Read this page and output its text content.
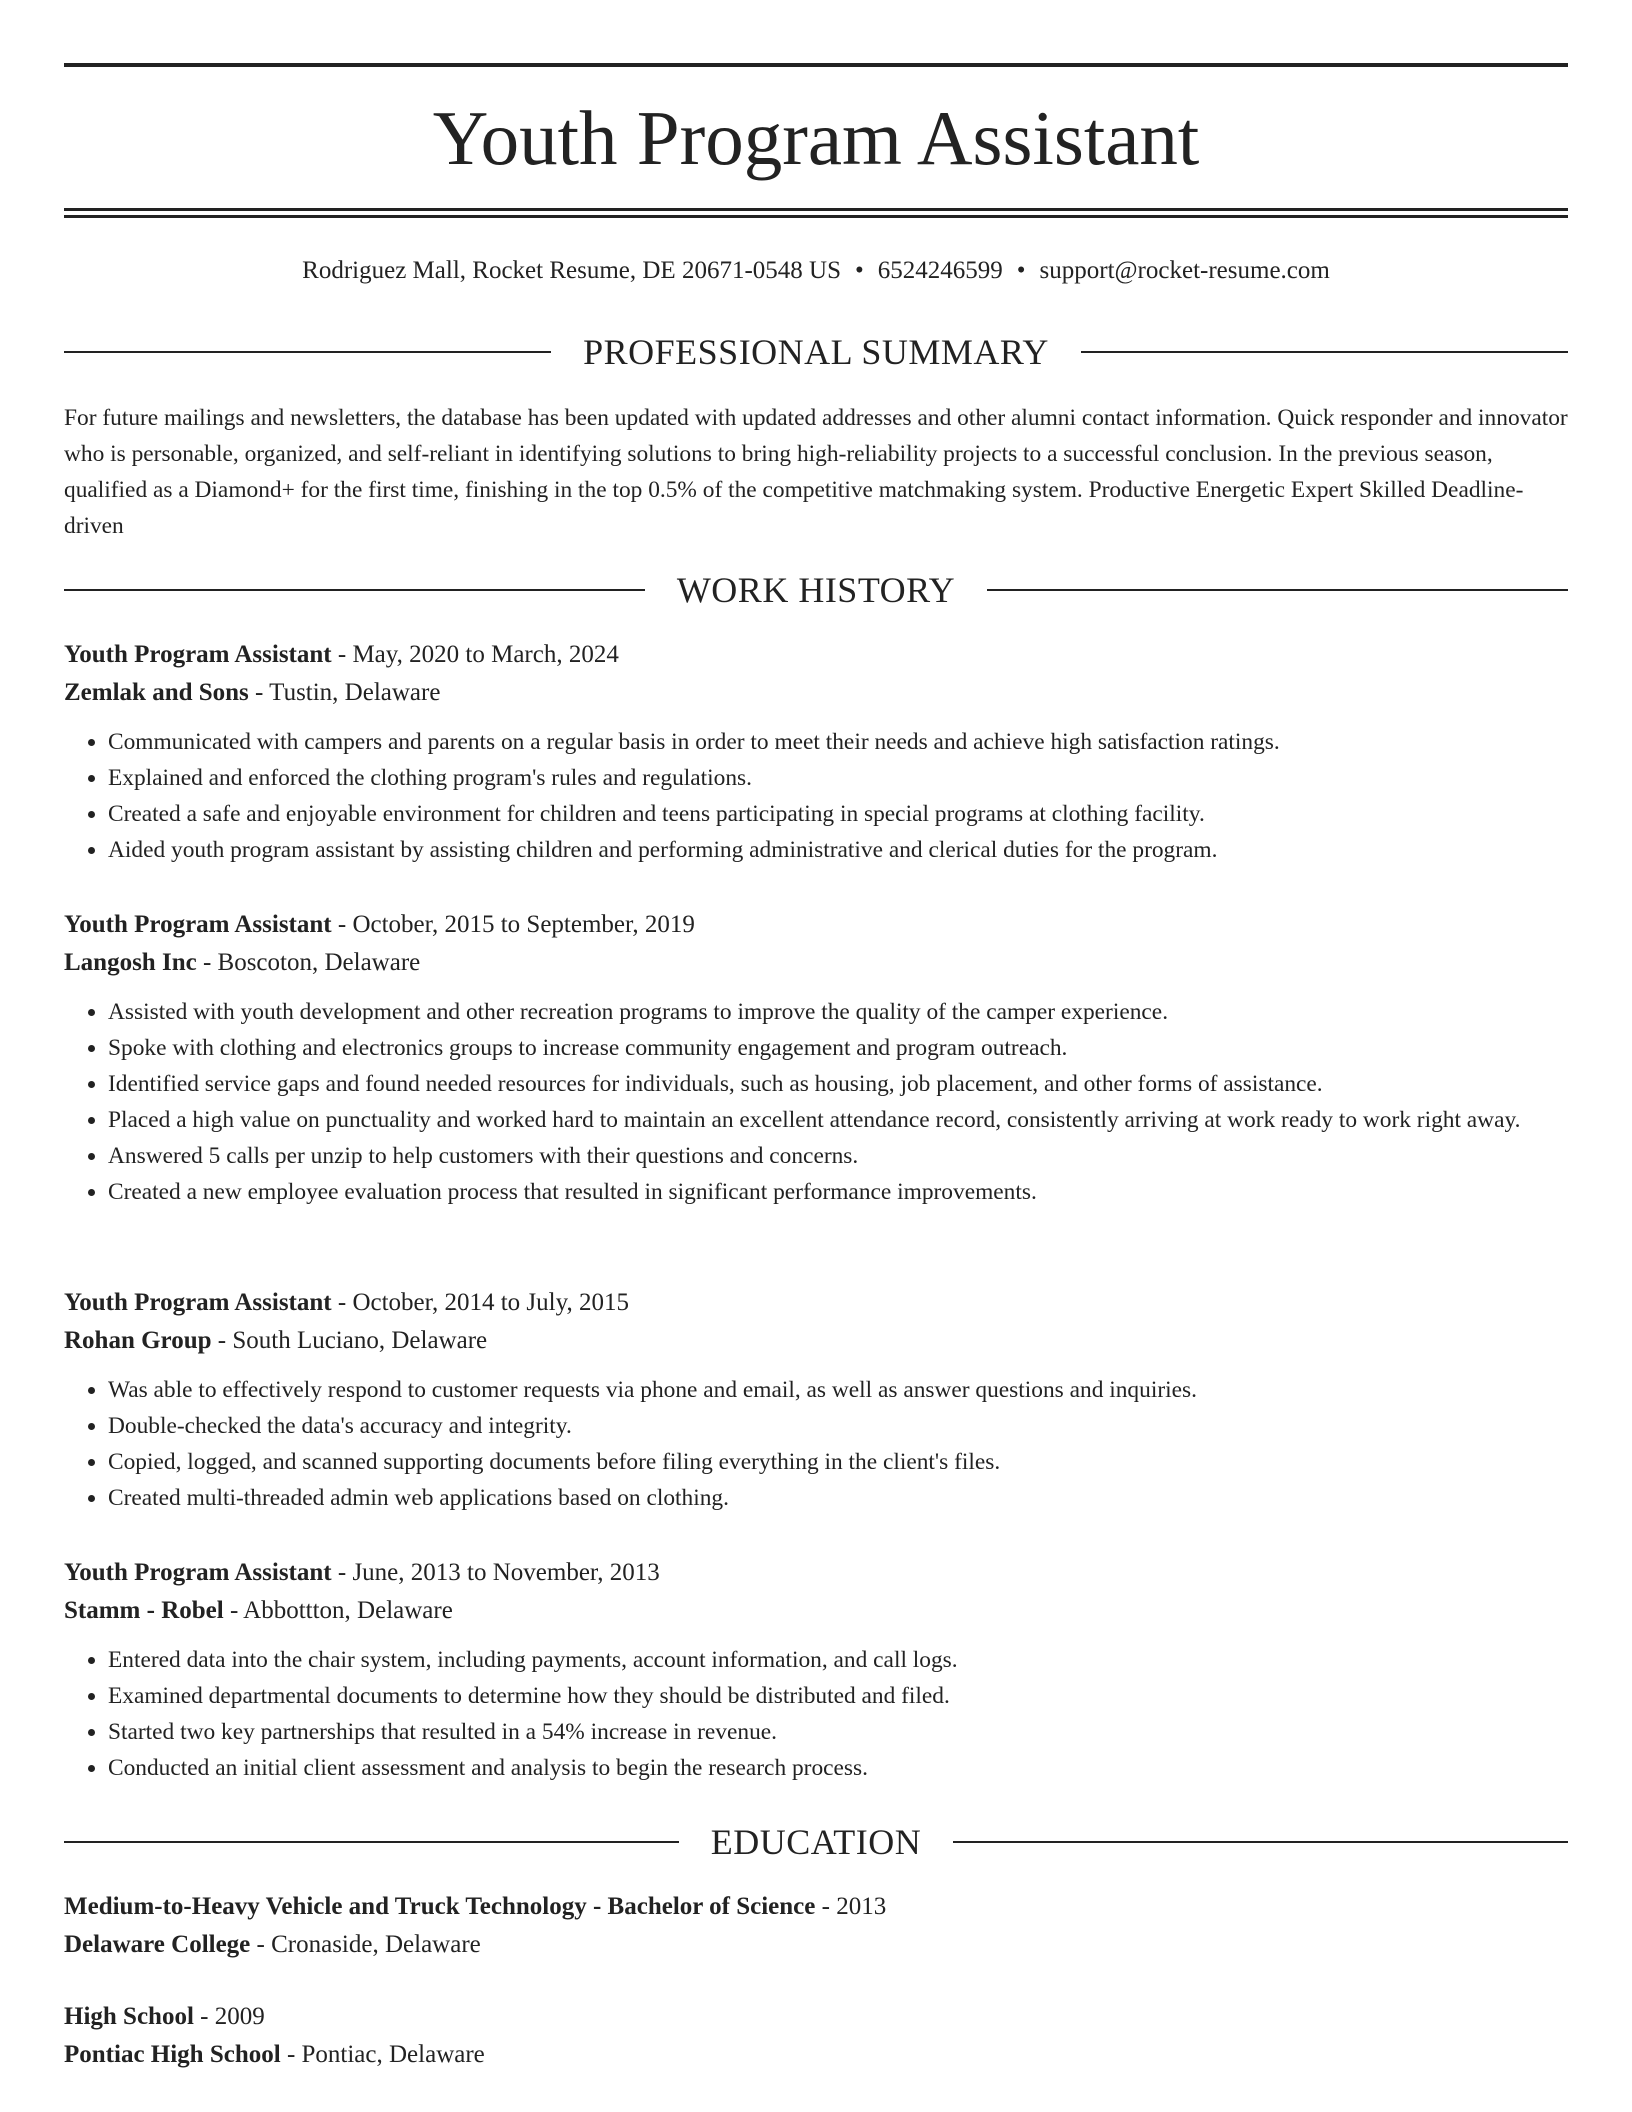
Youth Program Assistant
Rodriguez Mall, Rocket Resume, DE 20671-0548 US • 6524246599 • support@rocket-resume.com
PROFESSIONAL SUMMARY
For future mailings and newsletters, the database has been updated with updated addresses and other alumni contact information. Quick responder and innovator who is personable, organized, and self-reliant in identifying solutions to bring high-reliability projects to a successful conclusion. In the previous season, qualified as a Diamond+ for the first time, finishing in the top 0.5% of the competitive matchmaking system. Productive Energetic Expert Skilled Deadline-driven
WORK HISTORY
Youth Program Assistant - May, 2020 to March, 2024
Zemlak and Sons - Tustin, Delaware
• Communicated with campers and parents on a regular basis in order to meet their needs and achieve high satisfaction ratings.
• Explained and enforced the clothing program's rules and regulations.
• Created a safe and enjoyable environment for children and teens participating in special programs at clothing facility.
• Aided youth program assistant by assisting children and performing administrative and clerical duties for the program.
Youth Program Assistant - October, 2015 to September, 2019
Langosh Inc - Boscoton, Delaware
• Assisted with youth development and other recreation programs to improve the quality of the camper experience.
• Spoke with clothing and electronics groups to increase community engagement and program outreach.
• Identified service gaps and found needed resources for individuals, such as housing, job placement, and other forms of assistance.
• Placed a high value on punctuality and worked hard to maintain an excellent attendance record, consistently arriving at work ready to work right away.
• Answered 5 calls per unzip to help customers with their questions and concerns.
• Created a new employee evaluation process that resulted in significant performance improvements.
Youth Program Assistant - October, 2014 to July, 2015
Rohan Group - South Luciano, Delaware
• Was able to effectively respond to customer requests via phone and email, as well as answer questions and inquiries.
• Double-checked the data's accuracy and integrity.
• Copied, logged, and scanned supporting documents before filing everything in the client's files.
• Created multi-threaded admin web applications based on clothing.
Youth Program Assistant - June, 2013 to November, 2013
Stamm - Robel - Abbottton, Delaware
• Entered data into the chair system, including payments, account information, and call logs.
• Examined departmental documents to determine how they should be distributed and filed.
• Started two key partnerships that resulted in a 54% increase in revenue.
• Conducted an initial client assessment and analysis to begin the research process.
EDUCATION
Medium-to-Heavy Vehicle and Truck Technology - Bachelor of Science - 2013
Delaware College - Cronaside, Delaware
High School - 2009
Pontiac High School - Pontiac, Delaware
